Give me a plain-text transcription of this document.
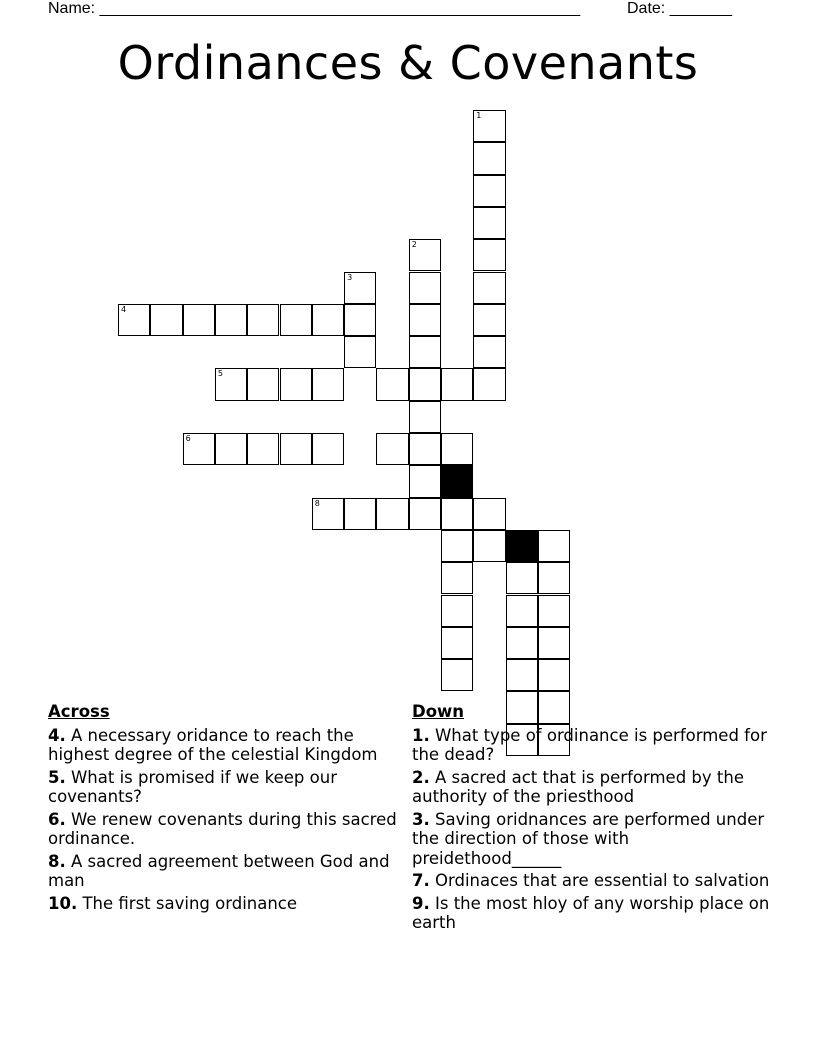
Name: ______________________________________________________	Date: _______
Ordinances & Covenants
1
2
3
4
5
6
8
Across
4. A necessary oridance to reach the highest degree of the celestial Kingdom
5. What is promised if we keep our covenants?
6. We renew covenants during this sacred ordinance.
8. A sacred agreement between God and man
10. The first saving ordinance
Down
1. What type of ordinance is performed for the dead?
2. A sacred act that is performed by the authority of the priesthood
3. Saving oridnances are performed under the direction of those with preidethood______
7. Ordinaces that are essential to salvation
9. Is the most hloy of any worship place on earth
